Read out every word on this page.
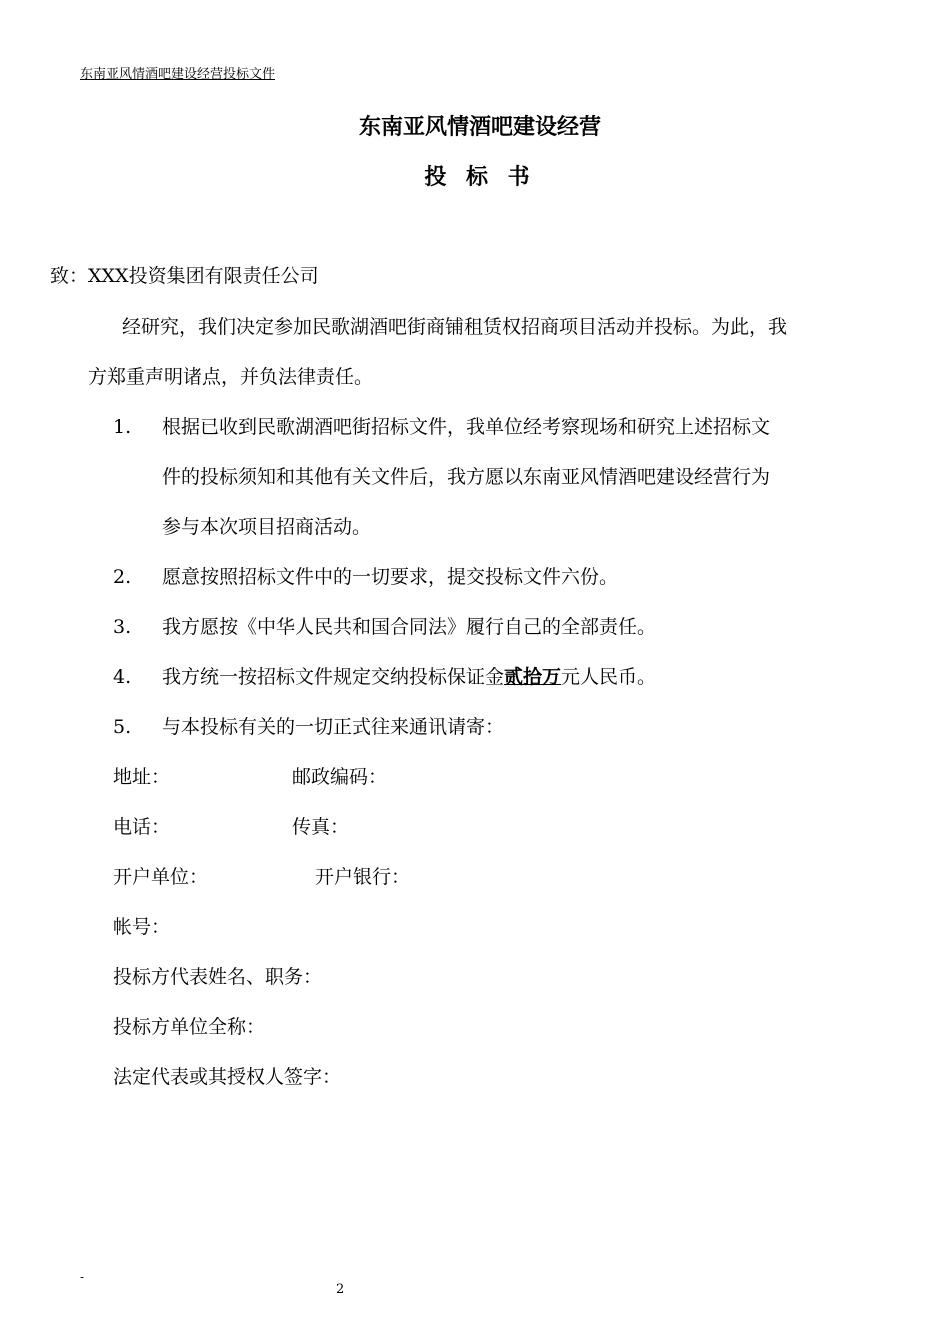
东南亚风情酒吧建设经营投标文件
东南亚风情酒吧建设经营
投 标 书
致：XXX投资集团有限责任公司
经研究，我们决定参加民歌湖酒吧街商铺租赁权招商项目活动并投标。为此，我
方郑重声明诸点，并负法律责任。
1. 根据已收到民歌湖酒吧街招标文件，我单位经考察现场和研究上述招标文
件的投标须知和其他有关文件后，我方愿以东南亚风情酒吧建设经营行为
参与本次项目招商活动。
2. 愿意按照招标文件中的一切要求，提交投标文件六份。
3. 我方愿按《中华人民共和国合同法》履行自己的全部责任。
4. 我方统一按招标文件规定交纳投标保证金贰拾万元人民币。
5. 与本投标有关的一切正式往来通讯请寄：
地址：	邮政编码：
电话：	传真：
开户单位：	开户银行：
帐号：
投标方代表姓名、职务：
投标方单位全称：
法定代表或其授权人签字：
-
2
